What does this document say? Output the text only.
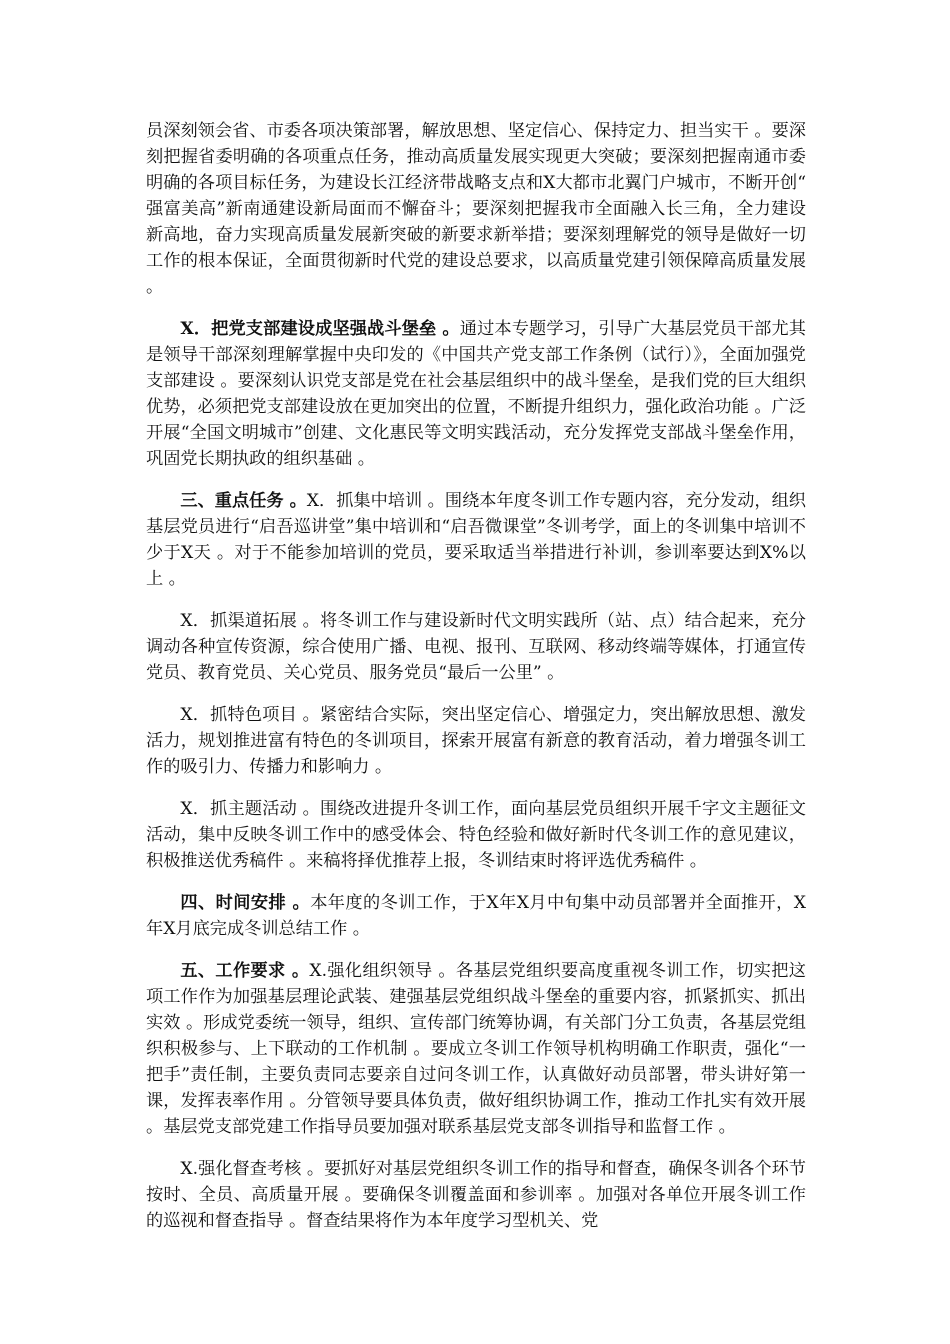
员深刻领会省、市委各项决策部署，解放思想、坚定信心、保持定力、担当实干 。要深刻把握省委明确的各项重点任务，推动高质量发展实现更大突破；要深刻把握南通市委明确的各项目标任务，为建设长江经济带战略支点和X大都市北翼门户城市，不断开创“强富美高”新南通建设新局面而不懈奋斗；要深刻把握我市全面融入长三角，全力建设新高地，奋力实现高质量发展新突破的新要求新举措；要深刻理解党的领导是做好一切工作的根本保证，全面贯彻新时代党的建设总要求，以高质量党建引领保障高质量发展 。

X．把党支部建设成坚强战斗堡垒 。通过本专题学习，引导广大基层党员干部尤其是领导干部深刻理解掌握中央印发的《中国共产党支部工作条例（试行）》，全面加强党支部建设 。要深刻认识党支部是党在社会基层组织中的战斗堡垒，是我们党的巨大组织优势，必须把党支部建设放在更加突出的位置，不断提升组织力，强化政治功能 。广泛开展“全国文明城市”创建、文化惠民等文明实践活动，充分发挥党支部战斗堡垒作用，巩固党长期执政的组织基础 。

三、重点任务 。X．抓集中培训 。围绕本年度冬训工作专题内容，充分发动，组织基层党员进行“启吾巡讲堂”集中培训和“启吾微课堂”冬训考学，面上的冬训集中培训不少于X天 。对于不能参加培训的党员，要采取适当举措进行补训，参训率要达到X%以上 。

X．抓渠道拓展 。将冬训工作与建设新时代文明实践所（站、点）结合起来，充分调动各种宣传资源，综合使用广播、电视、报刊、互联网、移动终端等媒体，打通宣传党员、教育党员、关心党员、服务党员“最后一公里” 。

X．抓特色项目 。紧密结合实际，突出坚定信心、增强定力，突出解放思想、激发活力，规划推进富有特色的冬训项目，探索开展富有新意的教育活动，着力增强冬训工作的吸引力、传播力和影响力 。

X．抓主题活动 。围绕改进提升冬训工作，面向基层党员组织开展千字文主题征文活动，集中反映冬训工作中的感受体会、特色经验和做好新时代冬训工作的意见建议，积极推送优秀稿件 。来稿将择优推荐上报，冬训结束时将评选优秀稿件 。

四、时间安排 。本年度的冬训工作，于X年X月中旬集中动员部署并全面推开，X年X月底完成冬训总结工作 。

五、工作要求 。X.强化组织领导 。各基层党组织要高度重视冬训工作，切实把这项工作作为加强基层理论武装、建强基层党组织战斗堡垒的重要内容，抓紧抓实、抓出实效 。形成党委统一领导，组织、宣传部门统筹协调，有关部门分工负责，各基层党组织积极参与、上下联动的工作机制 。要成立冬训工作领导机构明确工作职责，强化“一把手”责任制，主要负责同志要亲自过问冬训工作，认真做好动员部署，带头讲好第一课，发挥表率作用 。分管领导要具体负责，做好组织协调工作，推动工作扎实有效开展 。基层党支部党建工作指导员要加强对联系基层党支部冬训指导和监督工作 。

X.强化督查考核 。要抓好对基层党组织冬训工作的指导和督查，确保冬训各个环节按时、全员、高质量开展 。要确保冬训覆盖面和参训率 。加强对各单位开展冬训工作的巡视和督查指导 。督查结果将作为本年度学习型机关、党
